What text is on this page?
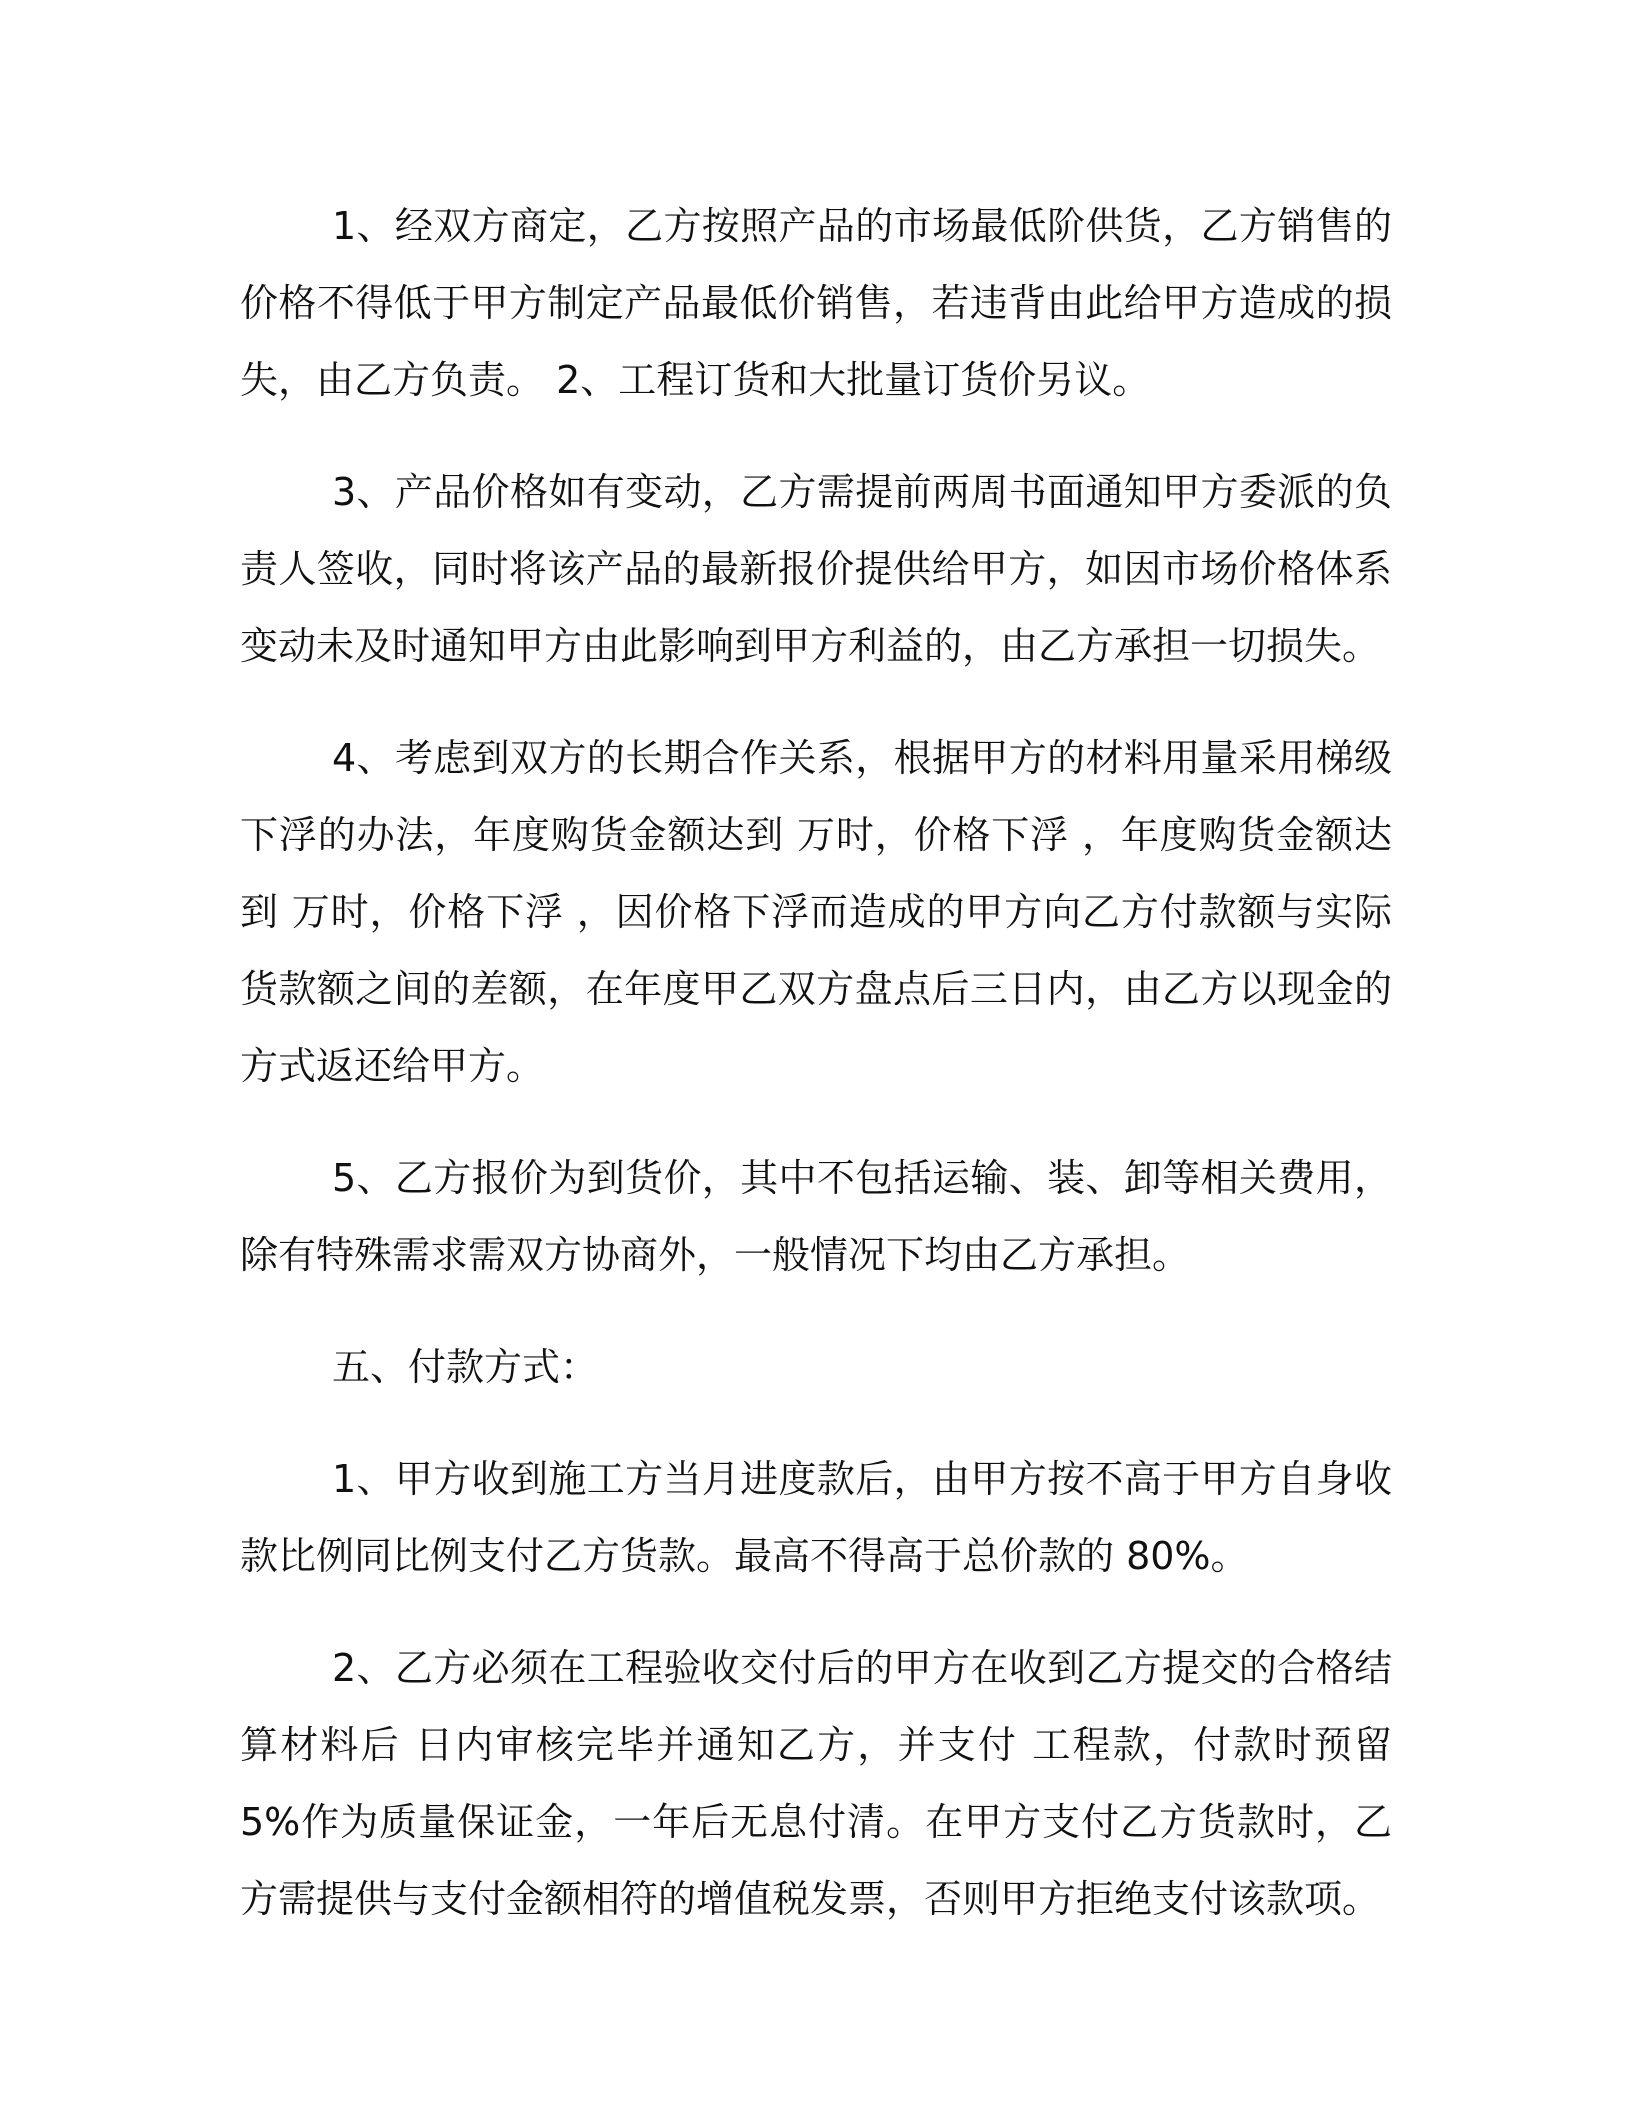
1、经双方商定，乙方按照产品的市场最低阶供货，乙方销售的价格不得低于甲方制定产品最低价销售，若违背由此给甲方造成的损失，由乙方负责。 2、工程订货和大批量订货价另议。

3、产品价格如有变动，乙方需提前两周书面通知甲方委派的负责人签收，同时将该产品的最新报价提供给甲方，如因市场价格体系变动未及时通知甲方由此影响到甲方利益的，由乙方承担一切损失。

4、考虑到双方的长期合作关系，根据甲方的材料用量采用梯级下浮的办法，年度购货金额达到 万时，价格下浮 ，年度购货金额达到 万时，价格下浮 ，因价格下浮而造成的甲方向乙方付款额与实际货款额之间的差额，在年度甲乙双方盘点后三日内，由乙方以现金的方式返还给甲方。

5、乙方报价为到货价，其中不包括运输、装、卸等相关费用，除有特殊需求需双方协商外，一般情况下均由乙方承担。

五、付款方式：

1、甲方收到施工方当月进度款后，由甲方按不高于甲方自身收款比例同比例支付乙方货款。最高不得高于总价款的 80%。

2、乙方必须在工程验收交付后的甲方在收到乙方提交的合格结算材料后 日内审核完毕并通知乙方，并支付 工程款，付款时预留 5%作为质量保证金，一年后无息付清。在甲方支付乙方货款时，乙方需提供与支付金额相符的增值税发票，否则甲方拒绝支付该款项。
